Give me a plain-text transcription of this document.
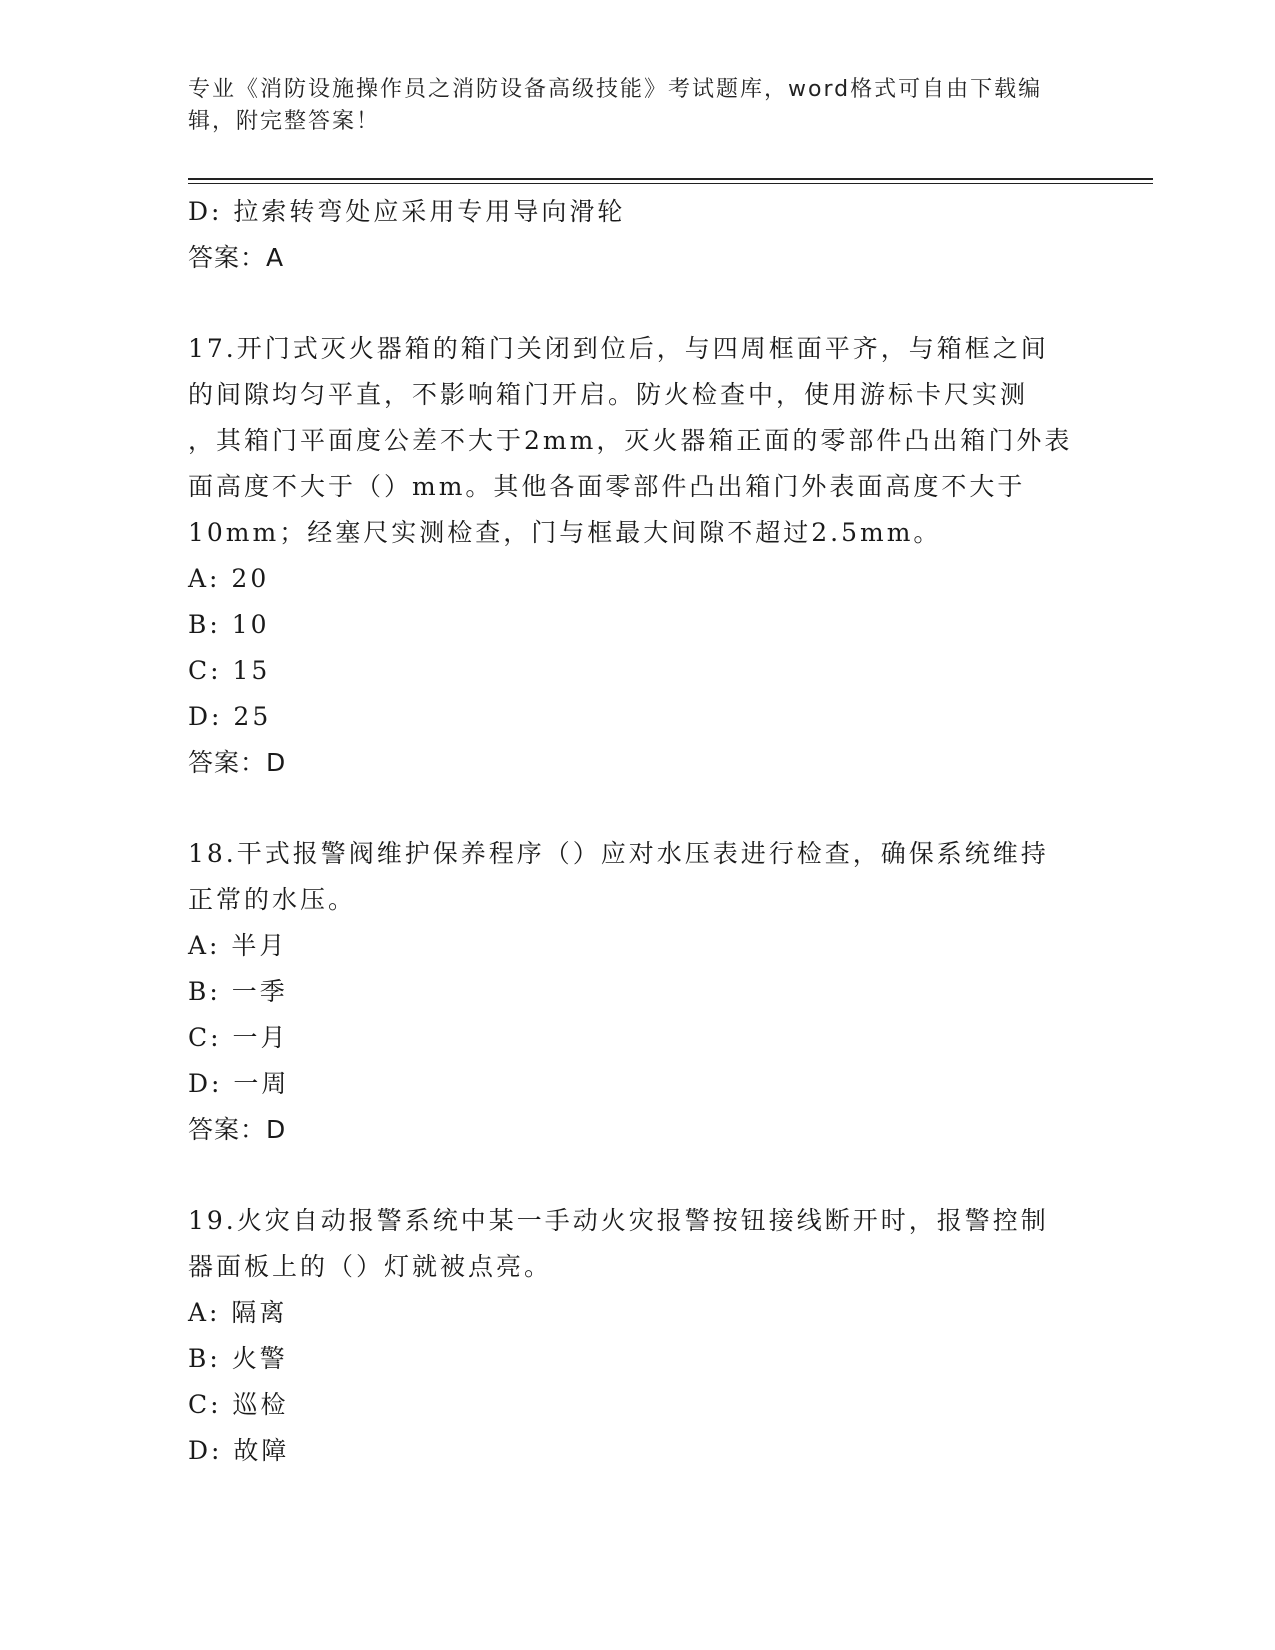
专业《消防设施操作员之消防设备高级技能》考试题库，word格式可自由下载编
辑，附完整答案！
D: 拉索转弯处应采用专用导向滑轮
答案：A
17.开门式灭火器箱的箱门关闭到位后，与四周框面平齐，与箱框之间
的间隙均匀平直，不影响箱门开启。防火检查中，使用游标卡尺实测
，其箱门平面度公差不大于2mm，灭火器箱正面的零部件凸出箱门外表
面高度不大于（）mm。其他各面零部件凸出箱门外表面高度不大于
10mm；经塞尺实测检查，门与框最大间隙不超过2.5mm。
A: 20
B: 10
C: 15
D: 25
答案：D
18.干式报警阀维护保养程序（）应对水压表进行检查，确保系统维持
正常的水压。
A: 半月
B: 一季
C: 一月
D: 一周
答案：D
19.火灾自动报警系统中某一手动火灾报警按钮接线断开时，报警控制
器面板上的（）灯就被点亮。
A: 隔离
B: 火警
C: 巡检
D: 故障
